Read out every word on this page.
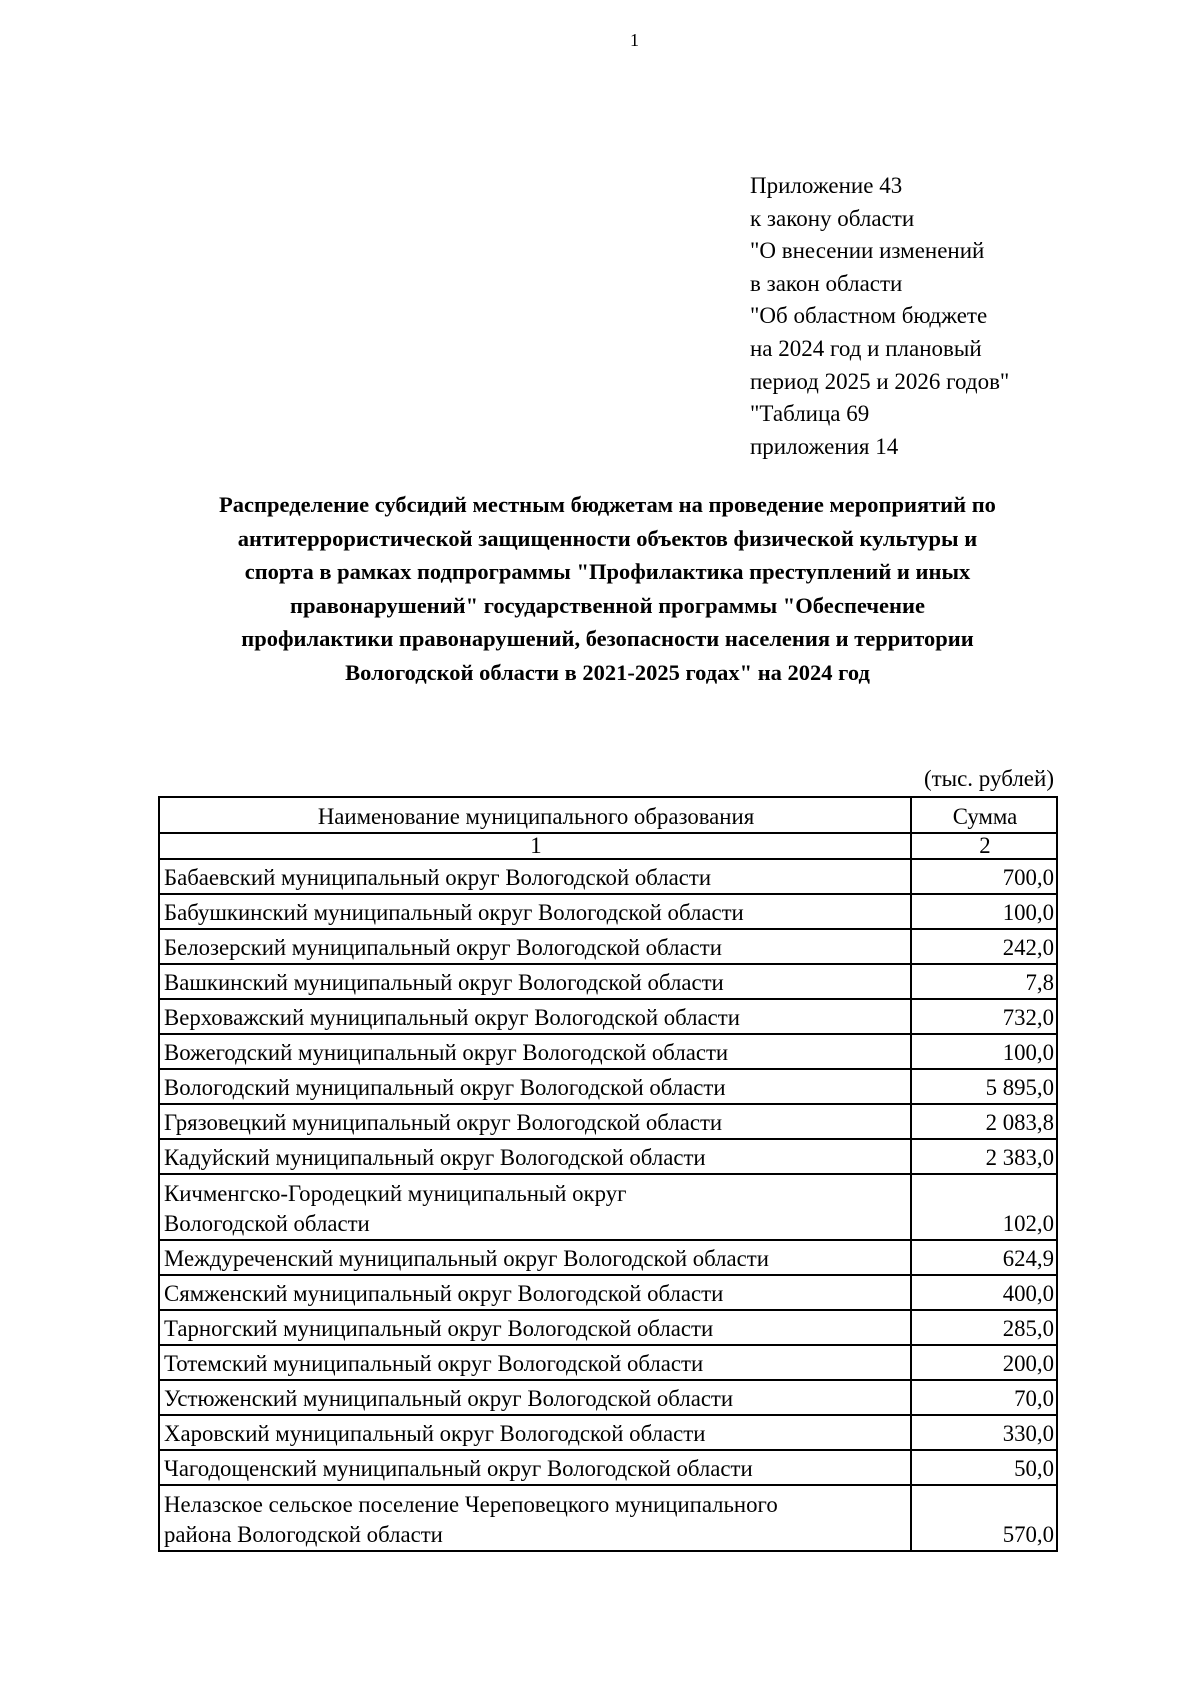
1
Приложение 43
к закону области
"О внесении изменений
в закон области
"Об областном бюджете
на 2024 год и плановый
период 2025 и 2026 годов"
"Таблица 69
приложения 14
Распределение субсидий местным бюджетам на проведение мероприятий по
антитеррористической защищенности объектов физической культуры и
спорта в рамках подпрограммы "Профилактика преступлений и иных
правонарушений" государственной программы "Обеспечение
профилактики правонарушений, безопасности населения и территории
Вологодской области в 2021-2025 годах" на 2024 год
(тыс. рублей)
Наименование муниципального образования	Сумма
1	2
Бабаевский муниципальный округ Вологодской области	700,0
Бабушкинский муниципальный округ Вологодской области	100,0
Белозерский муниципальный округ Вологодской области	242,0
Вашкинский муниципальный округ Вологодской области	7,8
Верховажский муниципальный округ Вологодской области	732,0
Вожегодский муниципальный округ Вологодской области	100,0
Вологодский муниципальный округ Вологодской области	5 895,0
Грязовецкий муниципальный округ Вологодской области	2 083,8
Кадуйский муниципальный округ Вологодской области	2 383,0

Кичменгско-Городецкий муниципальный округ
Вологодской области	102,0
Междуреченский муниципальный округ Вологодской области	624,9
Сямженский муниципальный округ Вологодской области	400,0
Тарногский муниципальный округ Вологодской области	285,0
Тотемский муниципальный округ Вологодской области	200,0
Устюженский муниципальный округ Вологодской области	70,0
Харовский муниципальный округ Вологодской области	330,0
Чагодощенский муниципальный округ Вологодской области	50,0

Нелазское сельское поселение Череповецкого муниципального
района Вологодской области	570,0
